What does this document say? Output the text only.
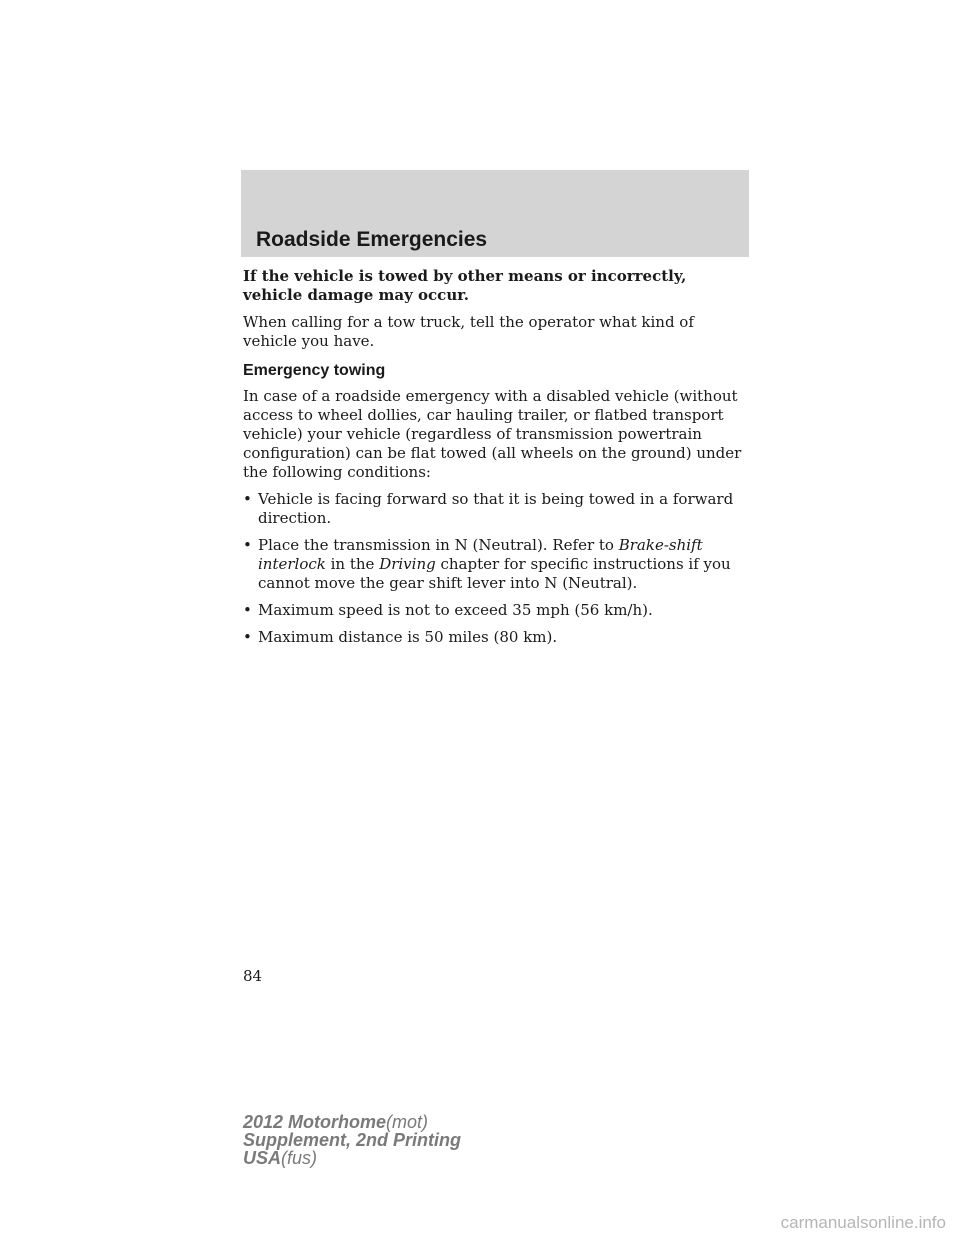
Roadside Emergencies

If the vehicle is towed by other means or incorrectly, vehicle damage may occur.

When calling for a tow truck, tell the operator what kind of vehicle you have.

Emergency towing

In case of a roadside emergency with a disabled vehicle (without access to wheel dollies, car hauling trailer, or flatbed transport vehicle) your vehicle (regardless of transmission powertrain configuration) can be flat towed (all wheels on the ground) under the following conditions:

• Vehicle is facing forward so that it is being towed in a forward direction.
• Place the transmission in N (Neutral). Refer to Brake-shift interlock in the Driving chapter for specific instructions if you cannot move the gear shift lever into N (Neutral).
• Maximum speed is not to exceed 35 mph (56 km/h).
• Maximum distance is 50 miles (80 km).
84
2012 Motorhome(mot)
Supplement, 2nd Printing
USA(fus)
carmanualsonline.info
